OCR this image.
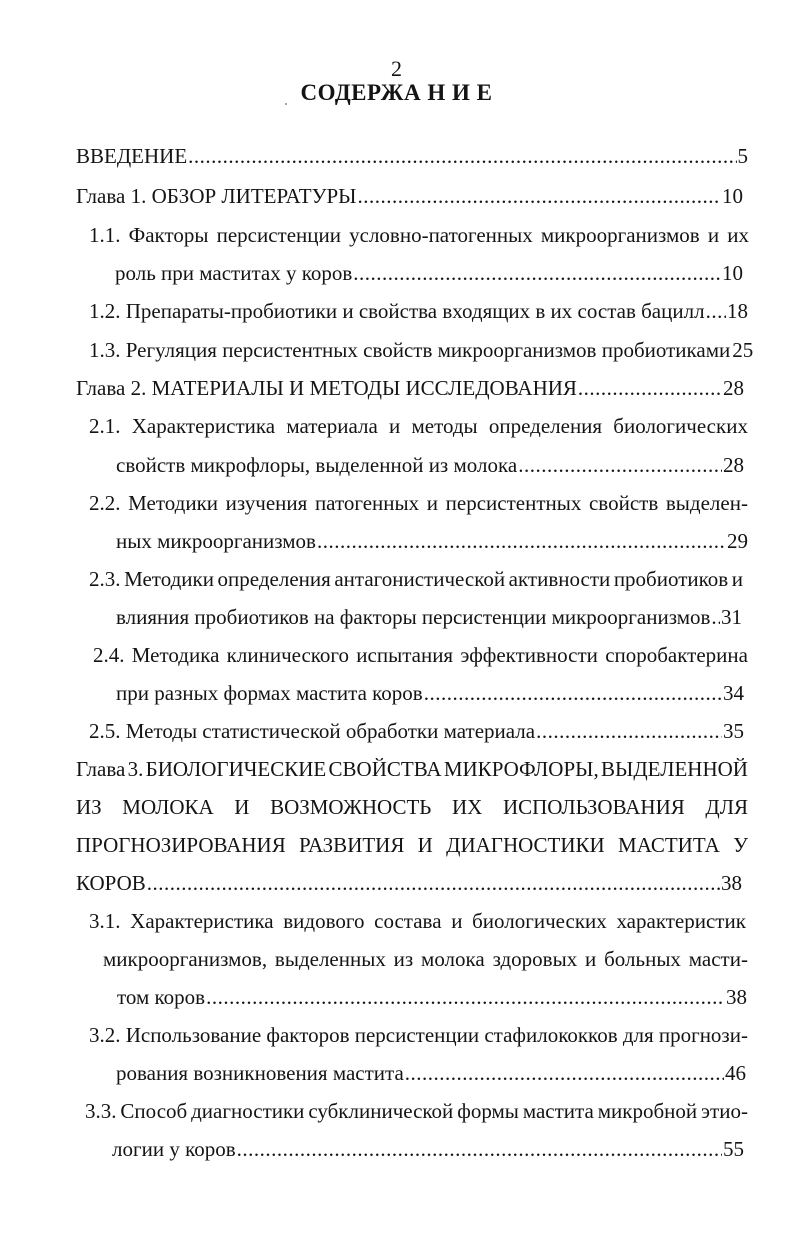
2
СОДЕРЖА Н И Е
ВВЕДЕНИЕ .....	5
Глава 1. ОБЗОР ЛИТЕРАТУРЫ .....	10
1.1. Факторы персистенции условно-патогенных микроорганизмов и их
роль при маститах у коров .....	10
1.2. Препараты-пробиотики и свойства входящих в их состав бацилл ..... 18
1.3. Регуляция персистентных свойств микроорганизмов пробиотиками 25
Глава 2. МАТЕРИАЛЫ И МЕТОДЫ ИССЛЕДОВАНИЯ .....	28
2.1. Характеристика материала и методы определения биологических
свойств микрофлоры, выделенной из молока .....	28
2.2. Методики изучения патогенных и персистентных свойств выделен-
ных микроорганизмов .....	29
2.3. Методики определения антагонистической активности пробиотиков и
влияния пробиотиков на факторы персистенции микроорганизмов ..... 31
2.4. Методика клинического испытания эффективности споробактерина
при разных формах мастита коров .....	34
2.5. Методы статистической обработки материала .....	35
Глава 3. БИОЛОГИЧЕСКИЕ СВОЙСТВА МИКРОФЛОРЫ, ВЫДЕЛЕННОЙ
ИЗ МОЛОКА И ВОЗМОЖНОСТЬ ИХ ИСПОЛЬЗОВАНИЯ ДЛЯ
ПРОГНОЗИРОВАНИЯ РАЗВИТИЯ И ДИАГНОСТИКИ МАСТИТА У
КОРОВ .....	38
3.1. Характеристика видового состава и биологических характеристик
микроорганизмов, выделенных из молока здоровых и больных масти-
том коров .....	38
3.2. Использование факторов персистенции стафилококков для прогнози-
рования возникновения мастита .....	46
3.3. Способ диагностики субклинической формы мастита микробной этио-
логии у коров .....	55
